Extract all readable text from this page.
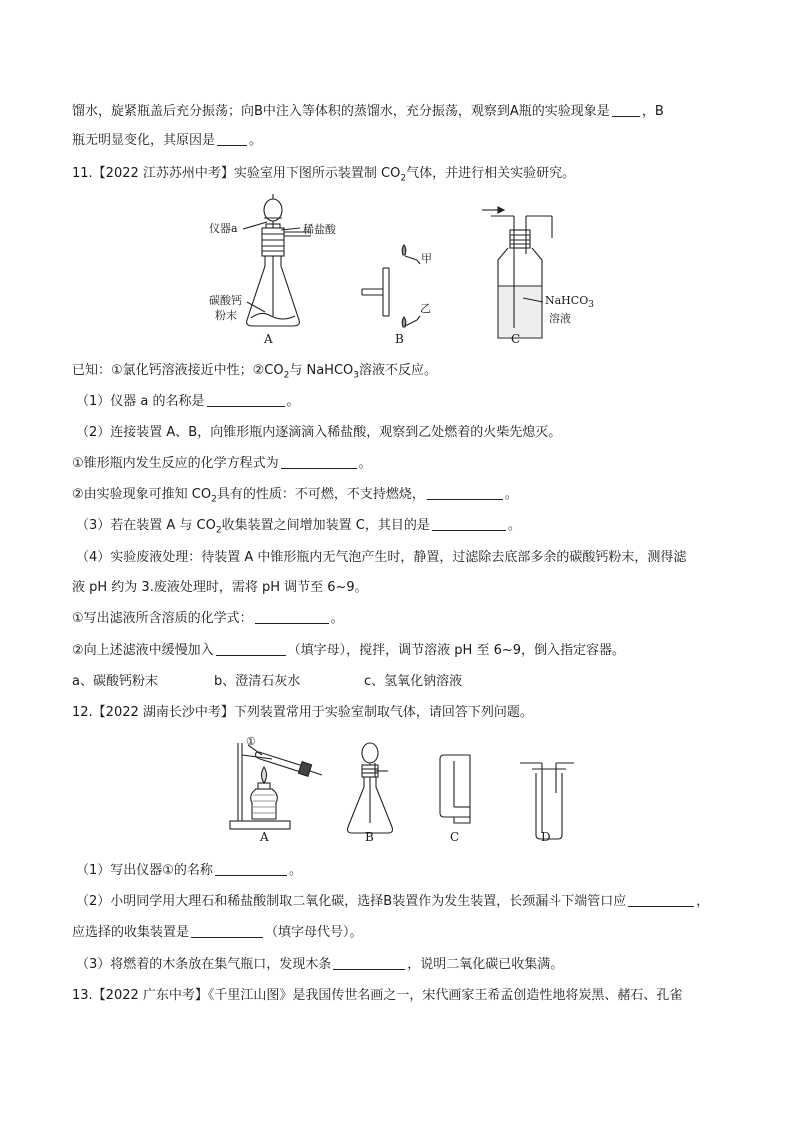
馏水，旋紧瓶盖后充分振荡；向B中注入等体积的蒸馏水，充分振荡，观察到A瓶的实验现象是 ，B
瓶无明显变化，其原因是	。
11.【2022 江苏苏州中考】实验室用下图所示装置制 $CO_2$气体，并进行相关实验研究。
仪器a	稀盐酸
碳酸钙
粉末
甲
乙
NaHCO$_3$
溶液
A	B	C
已知：①氯化钙溶液接近中性；$②CO_2$与 NaHCO$_3$溶液不反应。
（1）仪器 a 的名称是	。
（2）连接装置 A、B，向锥形瓶内逐滴滴入稀盐酸，观察到乙处燃着的火柴先熄灭。
①锥形瓶内发生反应的化学方程式为	。
②由实验现象可推知 $CO_2$具有的性质：不可燃，不支持燃烧，	。
（3）若在装置 A 与 $CO_2$收集装置之间增加装置 C，其目的是	。
（4）实验废液处理：待装置 A 中锥形瓶内无气泡产生时，静置，过滤除去底部多余的碳酸钙粉末，测得滤
液 pH 约为 3.废液处理时，需将 pH 调节至 6~9。
①写出滤液所含溶质的化学式：	。
②向上述滤液中缓慢加入	（填字母），搅拌，调节溶液 pH 至 6~9，倒入指定容器。
a、碳酸钙粉末	b、澄清石灰水	c、氢氧化钠溶液
12.【2022 湖南长沙中考】下列装置常用于实验室制取气体，请回答下列问题。
①
A	B	C	D
（1）写出仪器①的名称	。
（2）小明同学用大理石和稀盐酸制取二氧化碳，选择B装置作为发生装置，长颈漏斗下端管口应	，
应选择的收集装置是	（填字母代号）。
（3）将燃着的木条放在集气瓶口，发现木条	，说明二氧化碳已收集满。
13.【2022 广东中考】《千里江山图》是我国传世名画之一，宋代画家王希孟创造性地将炭黑、赭石、孔雀
